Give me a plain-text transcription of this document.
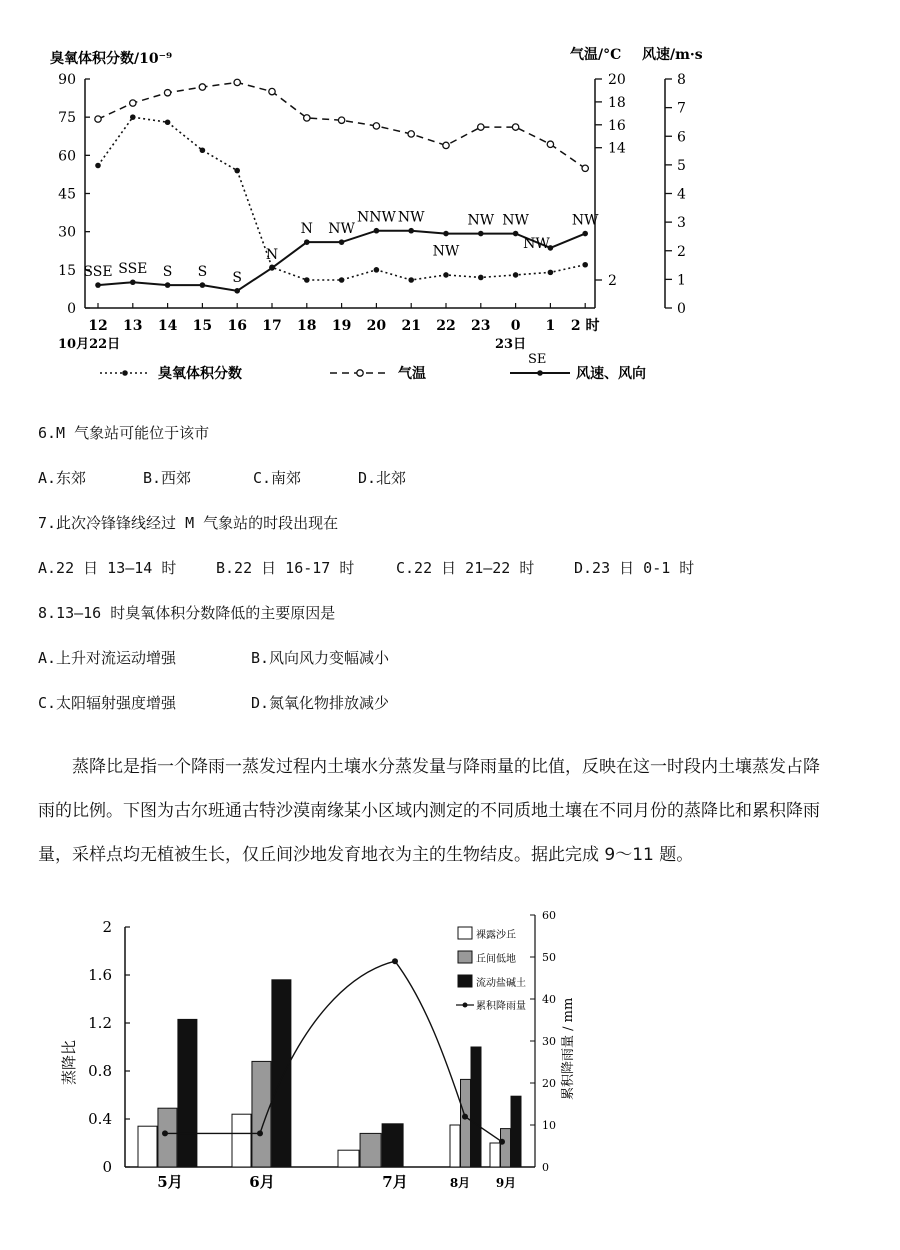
臭氧体积分数/10⁻⁹	气温/°C 风速/m·s
0
15
30
45
60
75
90
2
14
16
18
20
0
1
2
3
4
5
6
7
8
12 13 14 15 16 17 18 19 20 21 22 23 0 1 2 时
10月22日	23日
SSE SSE S S S
N
N NW
NNW NW
NW
NW NW	NW
NW
臭氧体积分数	气温
SE
风速、风向
6.M 气象站可能位于该市
A.东郊	B.西郊	C.南郊	D.北郊
7.此次冷锋锋线经过 M 气象站的时段出现在
A.22 日 13—14 时	B.22 日 16-17 时	C.22 日 21—22 时	D.23 日 0-1 时
8.13—16 时臭氧体积分数降低的主要原因是
A.上升对流运动增强	B.风向风力变幅减小
C.太阳辐射强度增强	D.氮氧化物排放减少
蒸降比是指一个降雨一蒸发过程内土壤水分蒸发量与降雨量的比值，反映在这一时段内土壤蒸发占降
雨的比例。下图为古尔班通古特沙漠南缘某小区域内测定的不同质地土壤在不同月份的蒸降比和累积降雨
量，采样点均无植被生长，仅丘间沙地发育地衣为主的生物结皮。据此完成 9～11 题。
蒸降比	累积降雨量 / mm
0
0.4
0.8
1.2
1.6
2
0
10
20
30
40
50
60
5月	6月	7月	8月 9月
裸露沙丘
丘间低地
流动盐碱土
累积降雨量
